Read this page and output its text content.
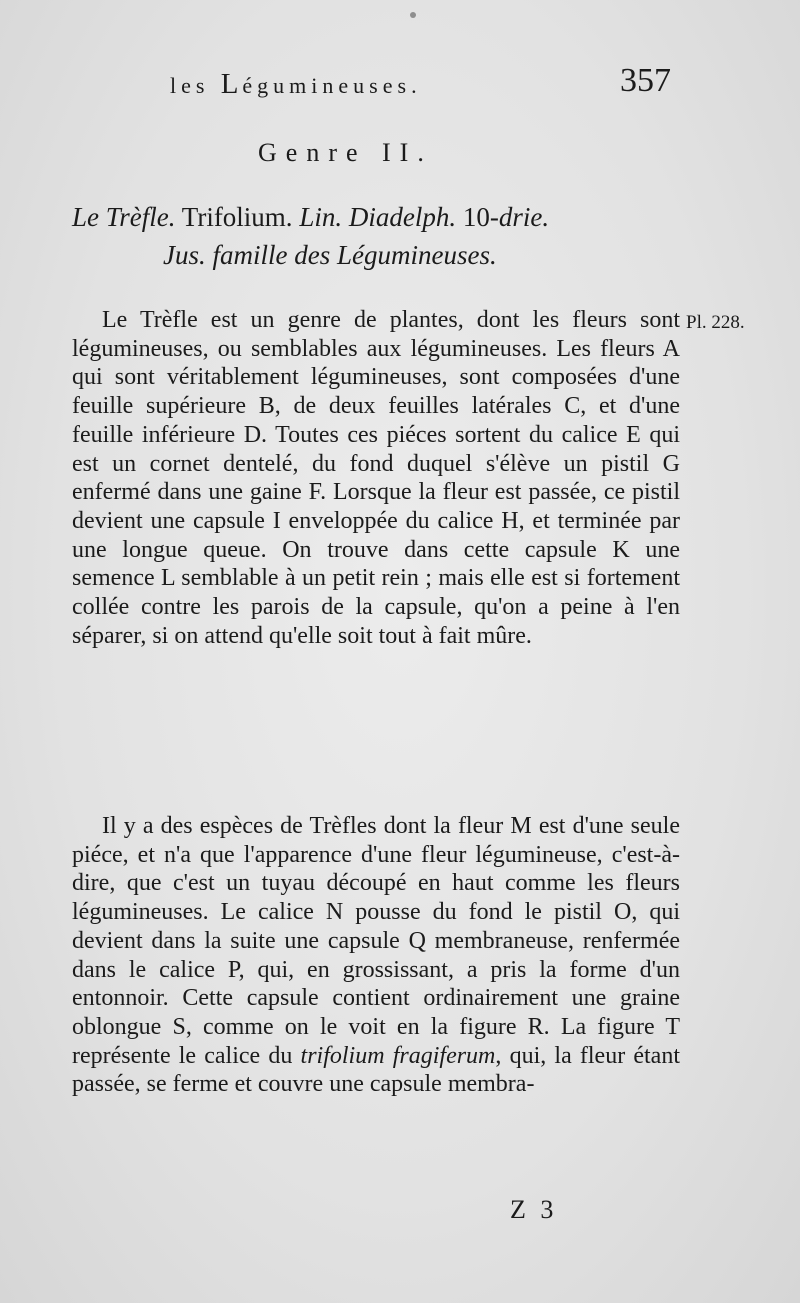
les Légumineuses.	357
Genre II.
Le Trèfle. Trifolium. Lin. Diadelph. 10-drie.
Jus. famille des Légumineuses.
Pl. 228.
Le Trèfle est un genre de plantes, dont les fleurs sont légumineuses, ou semblables aux légumineuses. Les fleurs A qui sont véritablement légumineuses, sont composées d'une feuille supérieure B, de deux feuilles latérales C, et d'une feuille inférieure D. Toutes ces piéces sortent du calice E qui est un cornet dentelé, du fond duquel s'élève un pistil G enfermé dans une gaine F. Lorsque la fleur est passée, ce pistil devient une capsule I enveloppée du calice H, et terminée par une longue queue. On trouve dans cette capsule K une semence L semblable à un petit rein ; mais elle est si fortement collée contre les parois de la capsule, qu'on a peine à l'en séparer, si on attend qu'elle soit tout à fait mûre.
Il y a des espèces de Trèfles dont la fleur M est d'une seule piéce, et n'a que l'apparence d'une fleur légumineuse, c'est-à-dire, que c'est un tuyau découpé en haut comme les fleurs légumineuses. Le calice N pousse du fond le pistil O, qui devient dans la suite une capsule Q membraneuse, renfermée dans le calice P, qui, en grossissant, a pris la forme d'un entonnoir. Cette capsule contient ordinairement une graine oblongue S, comme on le voit en la figure R. La figure T représente le calice du trifolium fragiferum, qui, la fleur étant passée, se ferme et couvre une capsule membra-
Z 3
